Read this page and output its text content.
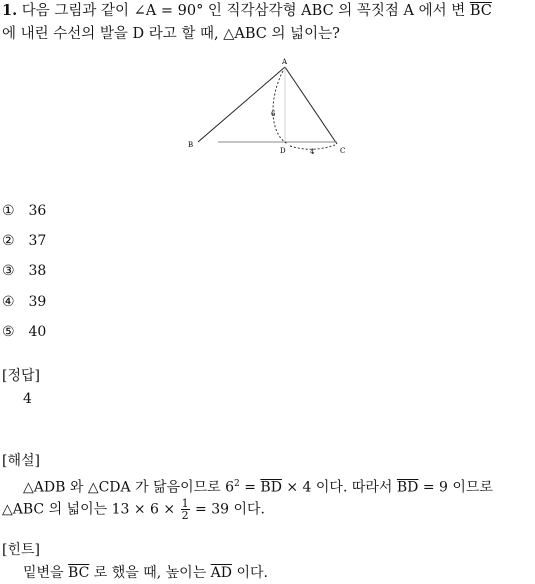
1. 다음 그림과 같이 ∠A = 90° 인 직각삼각형 ABC 의 꼭짓점 A 에서 변 $\overline{BC}$
에 내린 수선의 발을 D 라고 할 때, △ABC 의 넓이는?
A
B
C
D
6
4
① 36
② 37
③ 38
④ 39
⑤ 40
[정답]
4
[해설]
△ADB 와 △CDA 가 닮음이므로 $6^2 = \overline{BD} \times 4$ 이다. 따라서 $\overline{BD} = 9$ 이므로
△ABC 의 넓이는 $13 \times 6 \times \frac{1}{2} = 39$ 이다.
[힌트]
밑변을 $\overline{BC}$ 로 했을 때, 높이는 $\overline{AD}$ 이다.
